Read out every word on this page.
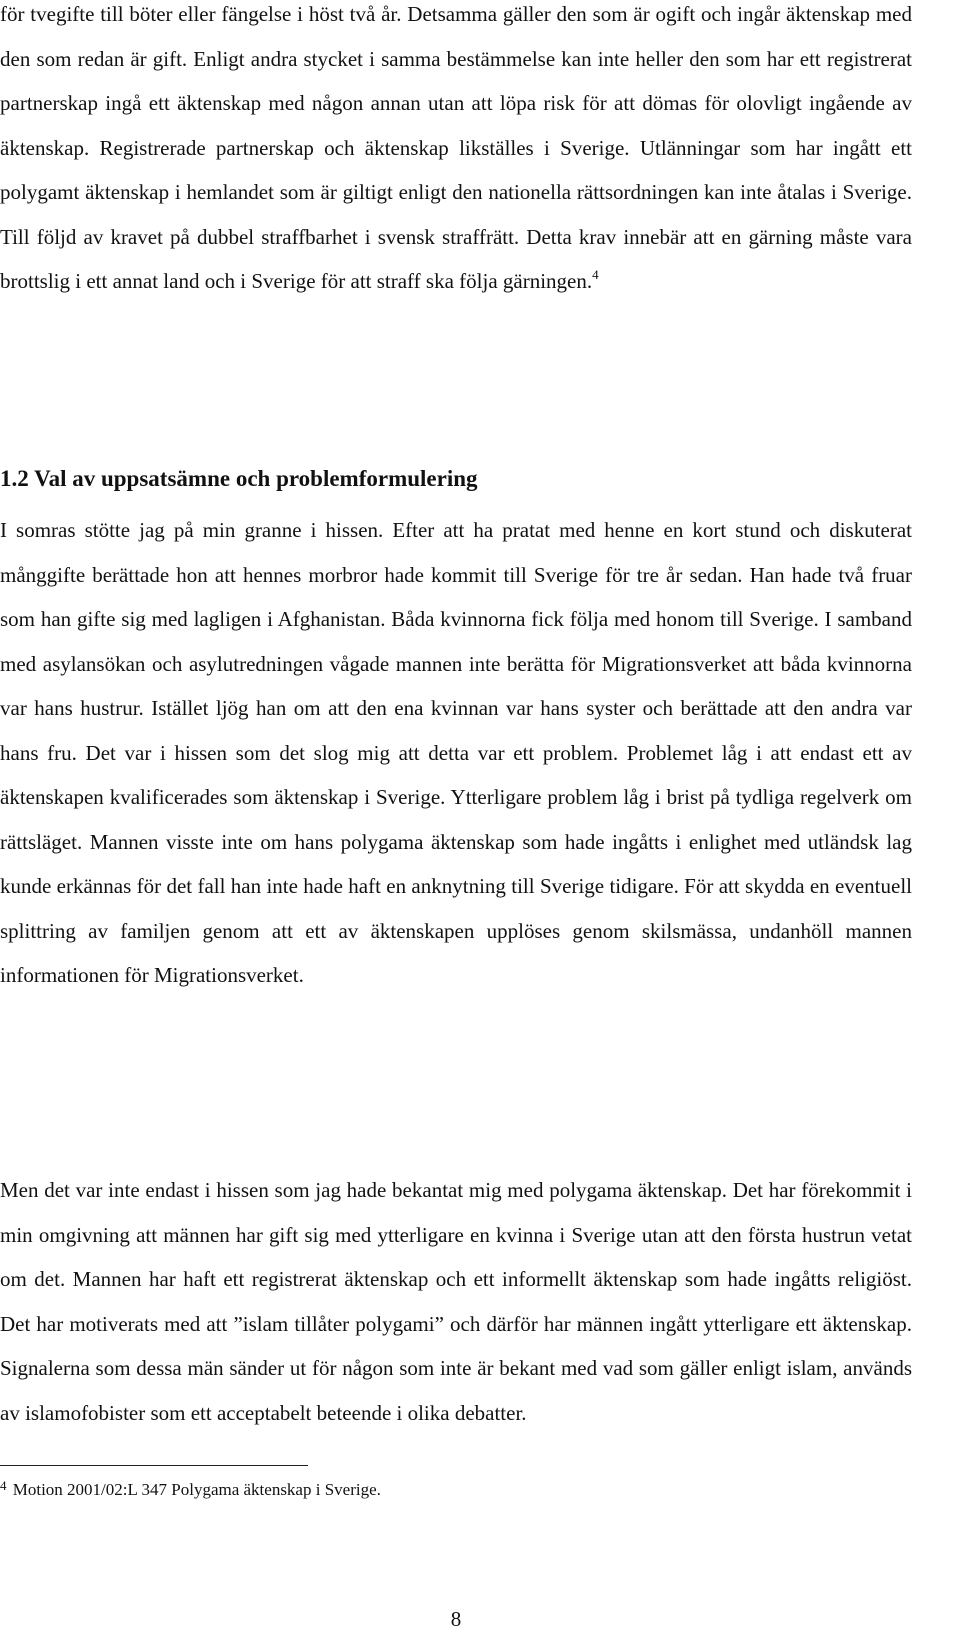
för tvegifte till böter eller fängelse i höst två år. Detsamma gäller den som är ogift och ingår äktenskap med den som redan är gift. Enligt andra stycket i samma bestämmelse kan inte heller den som har ett registrerat partnerskap ingå ett äktenskap med någon annan utan att löpa risk för att dömas för olovligt ingående av äktenskap. Registrerade partnerskap och äktenskap likställes i Sverige. Utlänningar som har ingått ett polygamt äktenskap i hemlandet som är giltigt enligt den nationella rättsordningen kan inte åtalas i Sverige. Till följd av kravet på dubbel straffbarhet i svensk straffrätt. Detta krav innebär att en gärning måste vara brottslig i ett annat land och i Sverige för att straff ska följa gärningen.$^4$

1.2 Val av uppsatsämne och problemformulering

I somras stötte jag på min granne i hissen. Efter att ha pratat med henne en kort stund och diskuterat månggifte berättade hon att hennes morbror hade kommit till Sverige för tre år sedan. Han hade två fruar som han gifte sig med lagligen i Afghanistan. Båda kvinnorna fick följa med honom till Sverige. I samband med asylansökan och asylutredningen vågade mannen inte berätta för Migrationsverket att båda kvinnorna var hans hustrur. Istället ljög han om att den ena kvinnan var hans syster och berättade att den andra var hans fru. Det var i hissen som det slog mig att detta var ett problem. Problemet låg i att endast ett av äktenskapen kvalificerades som äktenskap i Sverige. Ytterligare problem låg i brist på tydliga regelverk om rättsläget. Mannen visste inte om hans polygama äktenskap som hade ingåtts i enlighet med utländsk lag kunde erkännas för det fall han inte hade haft en anknytning till Sverige tidigare. För att skydda en eventuell splittring av familjen genom att ett av äktenskapen upplöses genom skilsmässa, undanhöll mannen informationen för Migrationsverket.

Men det var inte endast i hissen som jag hade bekantat mig med polygama äktenskap. Det har förekommit i min omgivning att männen har gift sig med ytterligare en kvinna i Sverige utan att den första hustrun vetat om det. Mannen har haft ett registrerat äktenskap och ett informellt äktenskap som hade ingåtts religiöst. Det har motiverats med att ”islam tillåter polygami” och därför har männen ingått ytterligare ett äktenskap. Signalerna som dessa män sänder ut för någon som inte är bekant med vad som gäller enligt islam, används av islamofobister som ett acceptabelt beteende i olika debatter.

$^4$ Motion 2001/02:L 347 Polygama äktenskap i Sverige.

8
